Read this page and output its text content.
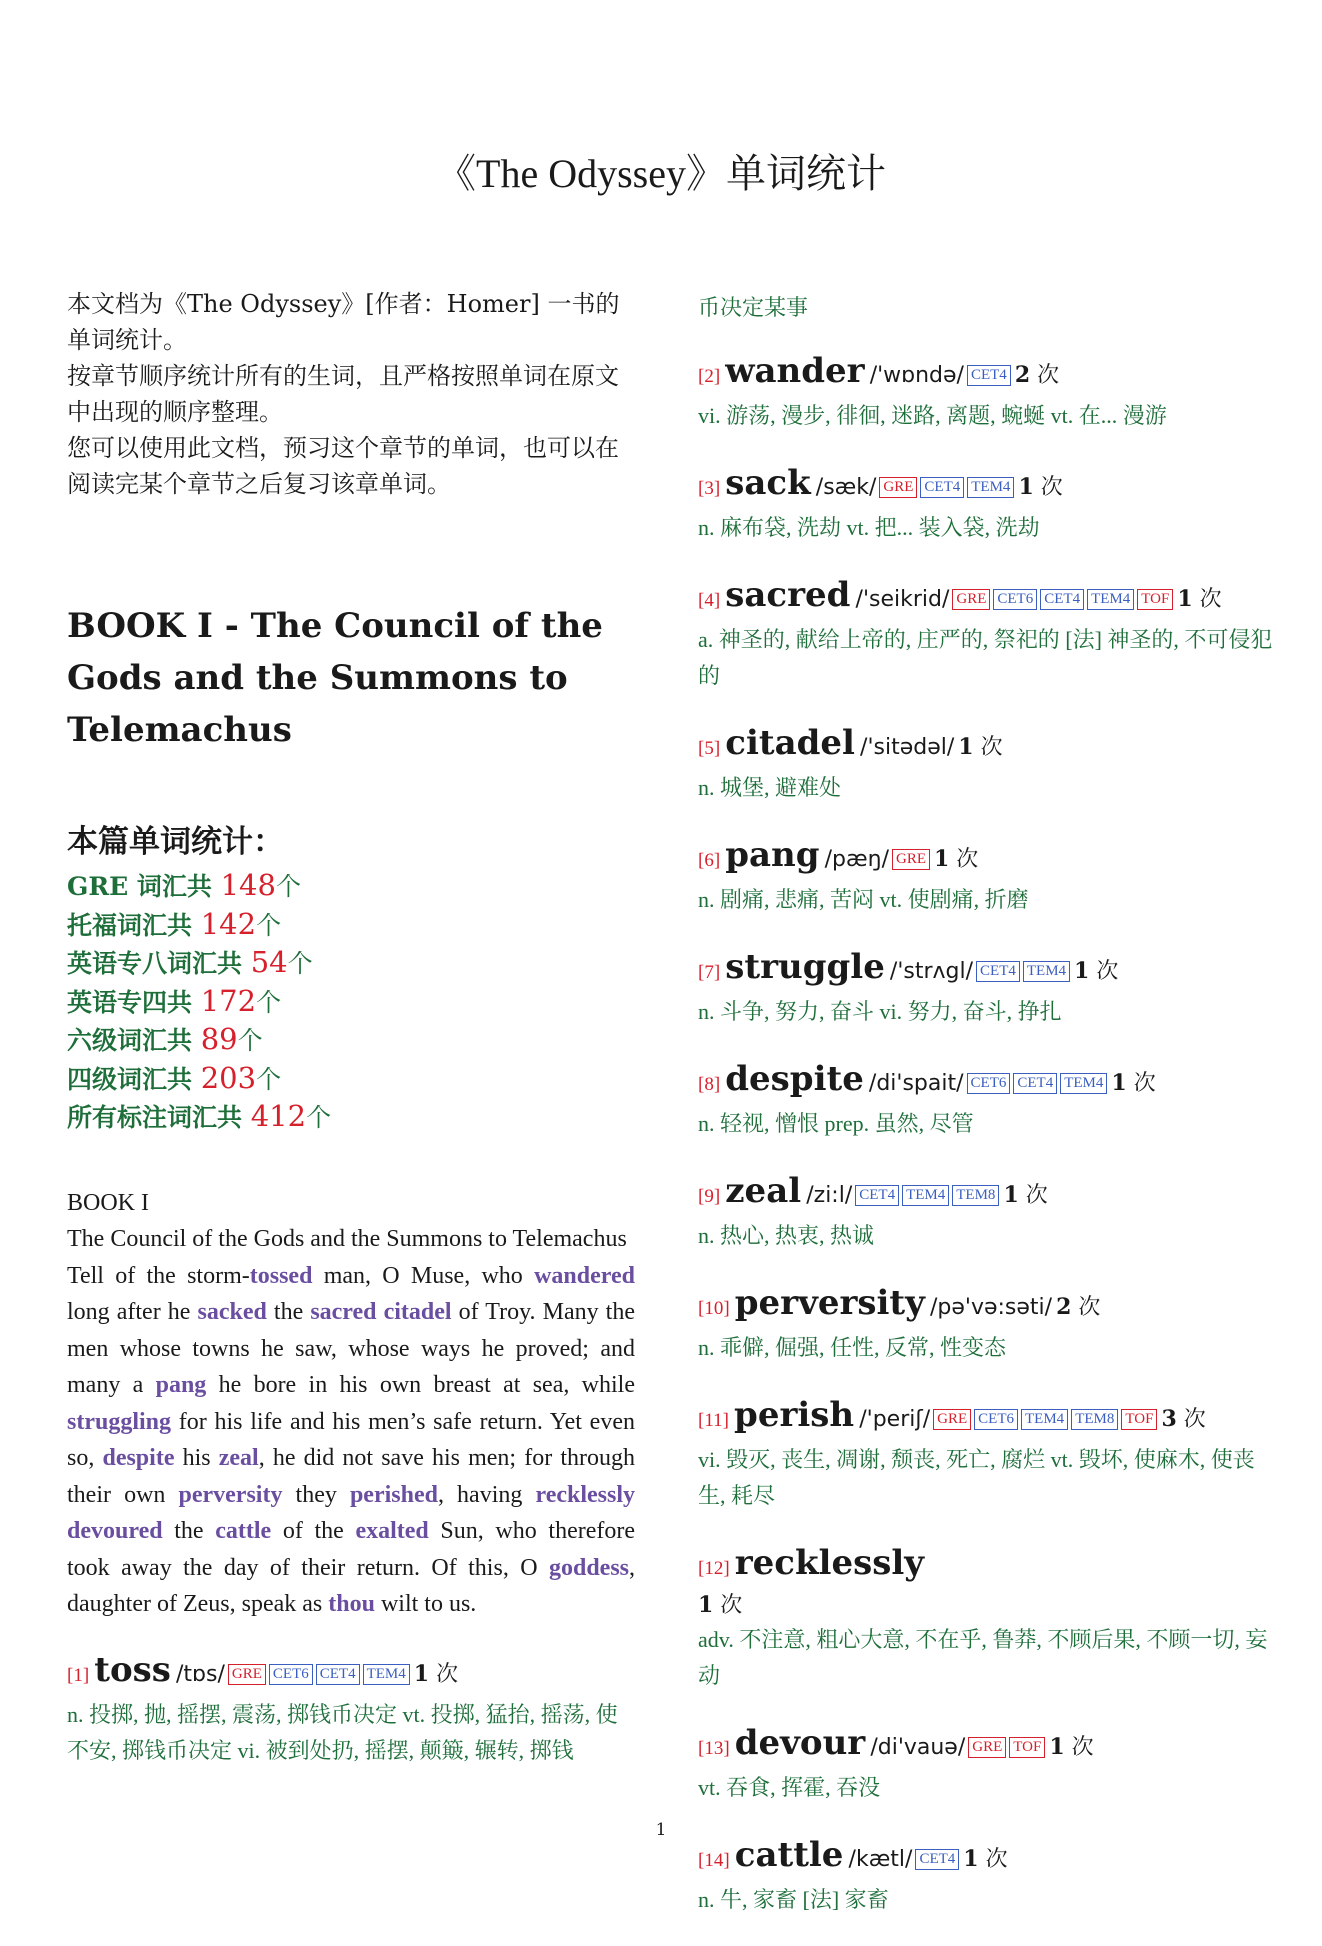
《The Odyssey》单词统计

本文档为《The Odyssey》[作者：Homer] 一书的单词统计。

按章节顺序统计所有的生词，且严格按照单词在原文中出现的顺序整理。

您可以使用此文档，预习这个章节的单词，也可以在阅读完某个章节之后复习该章单词。

BOOK I - The Council of the Gods and the Summons to Telemachus
本篇单词统计：
GRE 词汇共 148个
托福词汇共 142个
英语专八词汇共 54个
英语专四共 172个
六级词汇共 89个
四级词汇共 203个
所有标注词汇共 412个
BOOK I
The Council of the Gods and the Summons to Telemachus
Tell of the storm-tossed man, O Muse, who wandered long after he sacked the sacred citadel of Troy. Many the men whose towns he saw, whose ways he proved; and many a pang he bore in his own breast at sea, while struggling for his life and his men’s safe return. Yet even so, despite his zeal, he did not save his men; for through their own perversity they perished, having recklessly devoured the cattle of the exalted Sun, who therefore took away the day of their return. Of this, O goddess, daughter of Zeus, speak as thou wilt to us.
[1] toss /tɒs/ GRE CET6 CET4 TEM4 1 次
n. 投掷, 抛, 摇摆, 震荡, 掷钱币决定 vt. 投掷, 猛抬, 摇荡, 使不安, 掷钱币决定 vi. 被到处扔, 摇摆, 颠簸, 辗转, 掷钱
币决定某事
[2] wander /'wɒndə/ CET4 2 次
vi. 游荡, 漫步, 徘徊, 迷路, 离题, 蜿蜒 vt. 在... 漫游
[3] sack /sæk/ GRE CET4 TEM4 1 次
n. 麻布袋, 洗劫 vt. 把... 装入袋, 洗劫
[4] sacred /'seikrid/ GRE CET6 CET4 TEM4 TOF 1 次
a. 神圣的, 献给上帝的, 庄严的, 祭祀的 [法] 神圣的, 不可侵犯的
[5] citadel /'sitədəl/ 1 次
n. 城堡, 避难处
[6] pang /pæŋ/ GRE 1 次
n. 剧痛, 悲痛, 苦闷 vt. 使剧痛, 折磨
[7] struggle /'strʌgl/ CET4 TEM4 1 次
n. 斗争, 努力, 奋斗 vi. 努力, 奋斗, 挣扎
[8] despite /di'spait/ CET6 CET4 TEM4 1 次
n. 轻视, 憎恨 prep. 虽然, 尽管
[9] zeal /zi:l/ CET4 TEM4 TEM8 1 次
n. 热心, 热衷, 热诚
[10] perversity /pə'və:səti/ 2 次
n. 乖僻, 倔强, 任性, 反常, 性变态
[11] perish /'periʃ/ GRE CET6 TEM4 TEM8 TOF 3 次
vi. 毁灭, 丧生, 凋谢, 颓丧, 死亡, 腐烂 vt. 毁坏, 使麻木, 使丧生, 耗尽
[12] recklessly
1 次
adv. 不注意, 粗心大意, 不在乎, 鲁莽, 不顾后果, 不顾一切, 妄动
[13] devour /di'vauə/ GRE TOF 1 次
vt. 吞食, 挥霍, 吞没
[14] cattle /kætl/ CET4 1 次
n. 牛, 家畜 [法] 家畜
1
